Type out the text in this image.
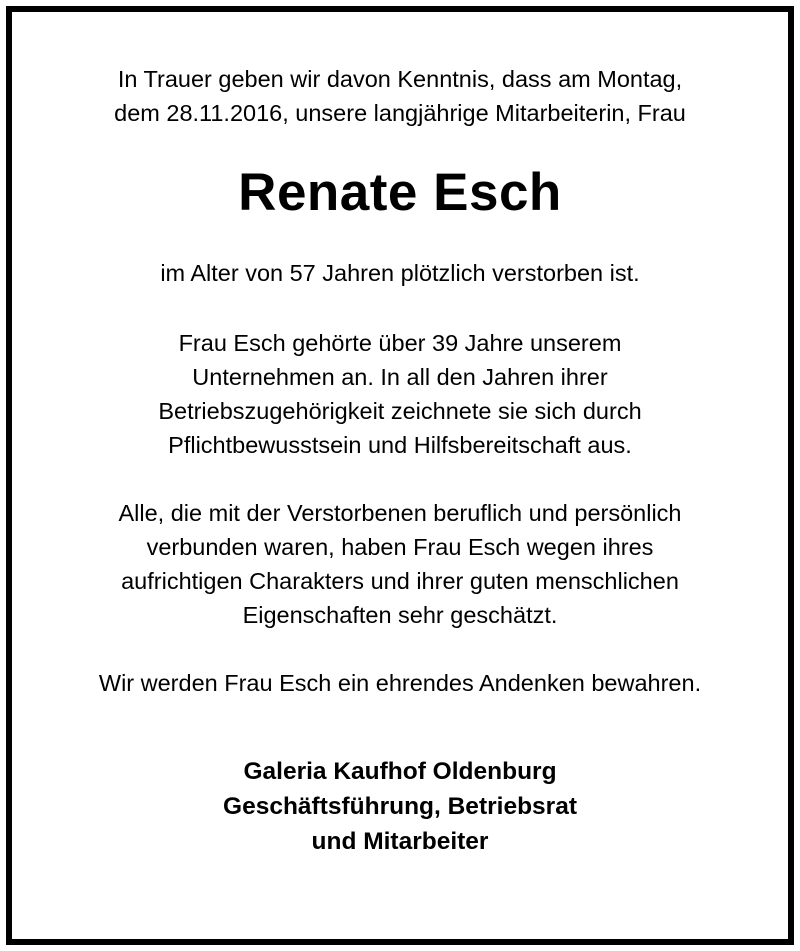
In Trauer geben wir davon Kenntnis, dass am Montag,
dem 28.11.2016, unsere langjährige Mitarbeiterin, Frau
Renate Esch
im Alter von 57 Jahren plötzlich verstorben ist.
Frau Esch gehörte über 39 Jahre unserem
Unternehmen an. In all den Jahren ihrer
Betriebszugehörigkeit zeichnete sie sich durch
Pflichtbewusstsein und Hilfsbereitschaft aus.
Alle, die mit der Verstorbenen beruflich und persönlich
verbunden waren, haben Frau Esch wegen ihres
aufrichtigen Charakters und ihrer guten menschlichen
Eigenschaften sehr geschätzt.
Wir werden Frau Esch ein ehrendes Andenken bewahren.
Galeria Kaufhof Oldenburg
Geschäftsführung, Betriebsrat
und Mitarbeiter
